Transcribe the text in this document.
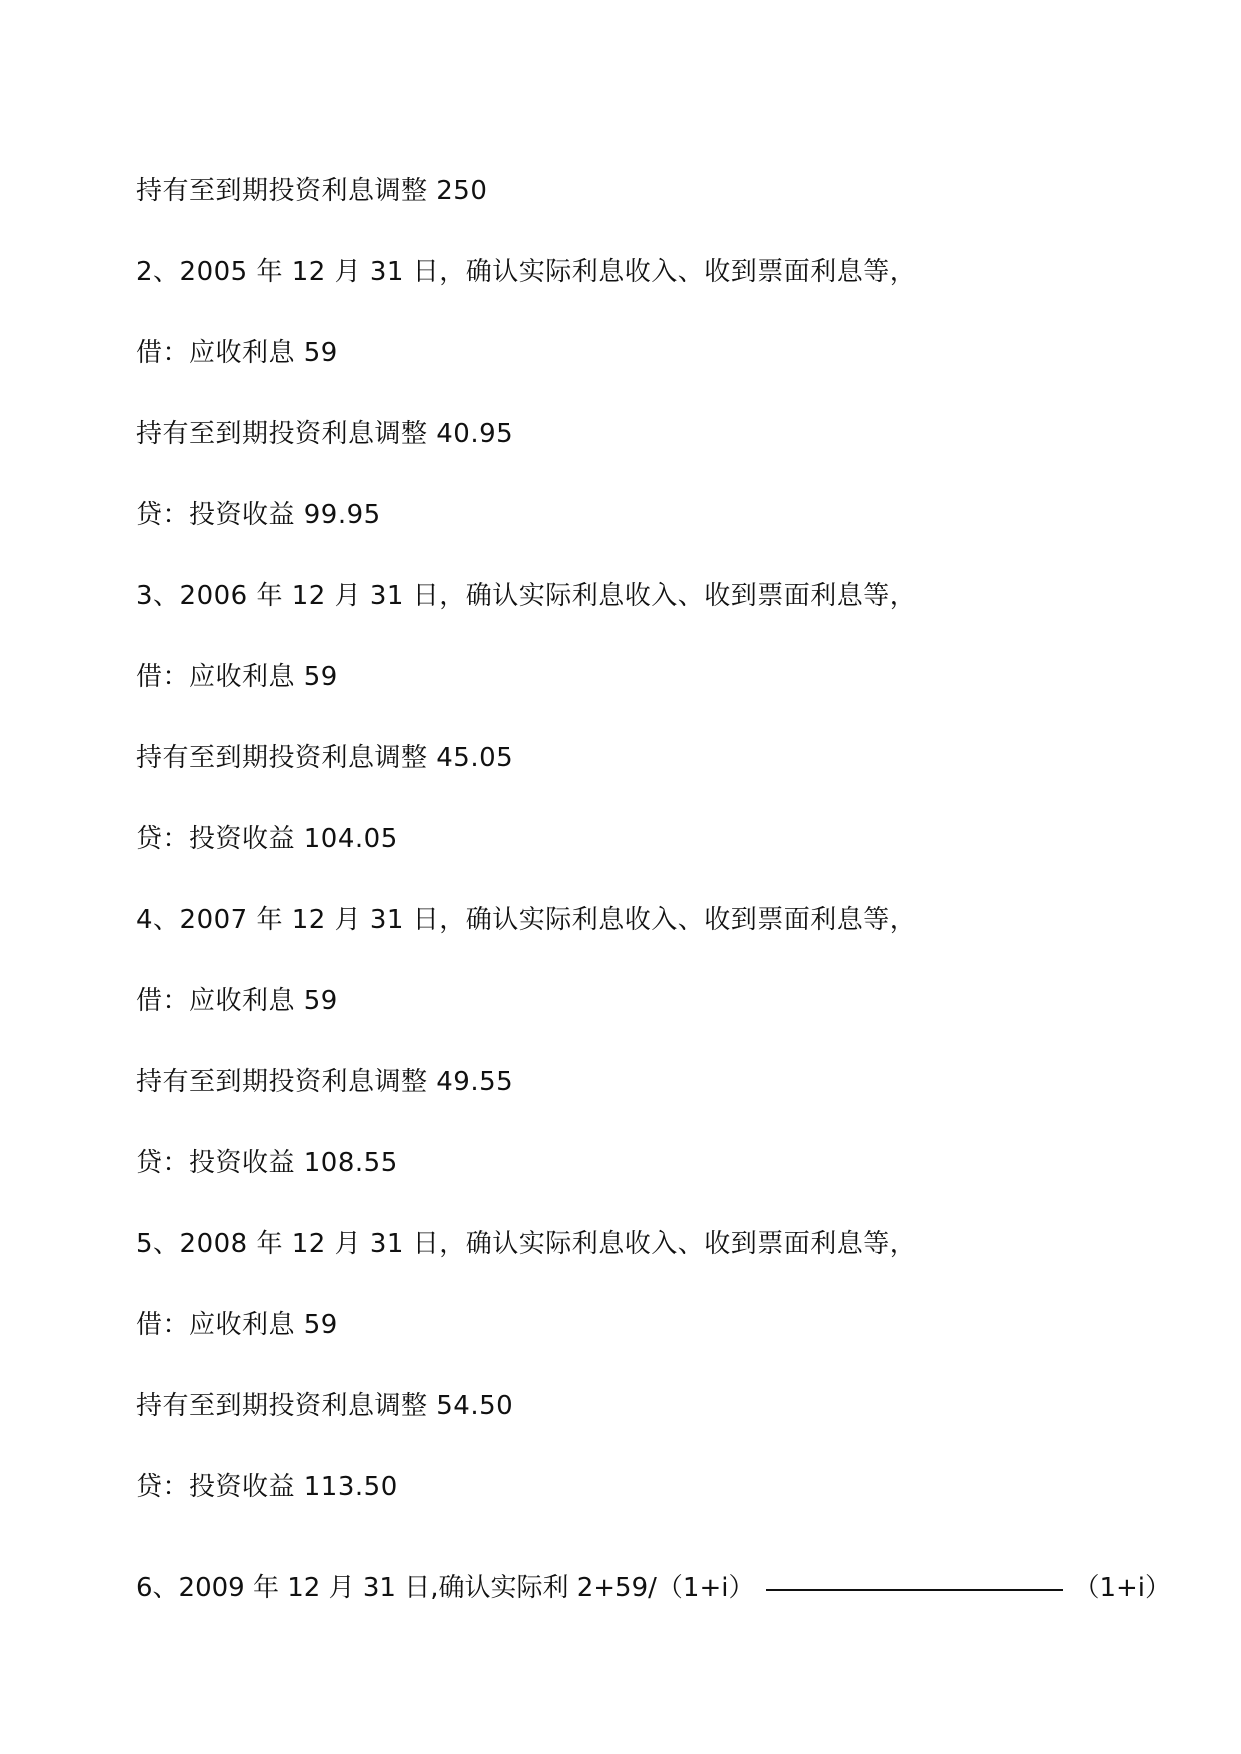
持有至到期投资利息调整 250
2、2005 年 12 月 31 日，确认实际利息收入、收到票面利息等，
借：应收利息 59
持有至到期投资利息调整 40.95
贷：投资收益 99.95
3、2006 年 12 月 31 日，确认实际利息收入、收到票面利息等，
借：应收利息 59
持有至到期投资利息调整 45.05
贷：投资收益 104.05
4、2007 年 12 月 31 日，确认实际利息收入、收到票面利息等，
借：应收利息 59
持有至到期投资利息调整 49.55
贷：投资收益 108.55
5、2008 年 12 月 31 日，确认实际利息收入、收到票面利息等，
借：应收利息 59
持有至到期投资利息调整 54.50
贷：投资收益 113.50
6、2009 年 12 月 31 日,确认实际利 2+59/（1+i）	（1+i）
